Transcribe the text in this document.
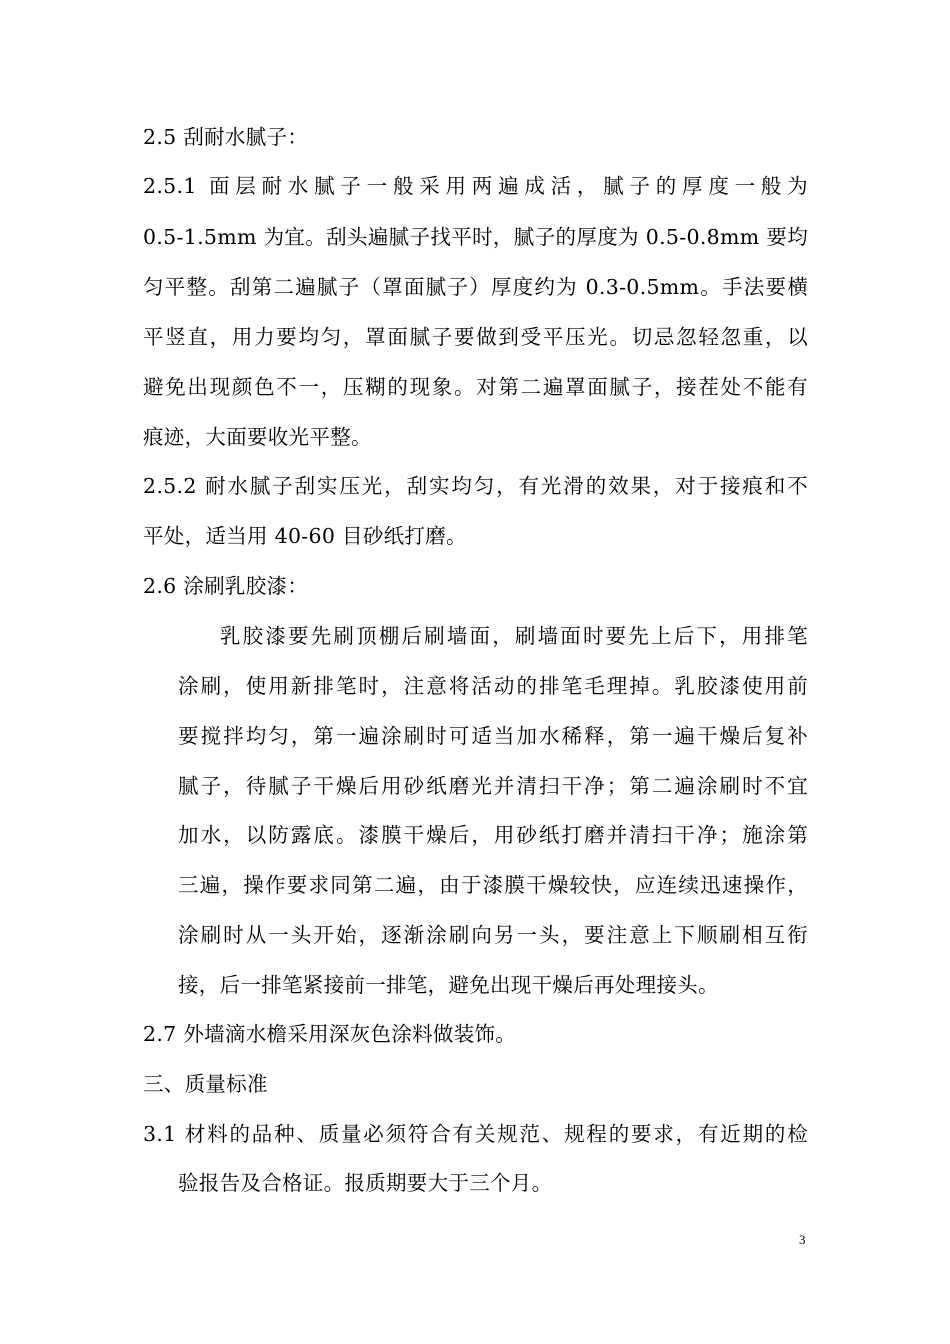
2.5 刮耐水腻子：
2.5.1 面层耐水腻子一般采用两遍成活，腻子的厚度一般为
0.5-1.5mm 为宜。刮头遍腻子找平时，腻子的厚度为 0.5-0.8mm 要均
匀平整。刮第二遍腻子（罩面腻子）厚度约为 0.3-0.5mm。手法要横
平竖直，用力要均匀，罩面腻子要做到受平压光。切忌忽轻忽重，以
避免出现颜色不一，压糊的现象。对第二遍罩面腻子，接茬处不能有
痕迹，大面要收光平整。
2.5.2 耐水腻子刮实压光，刮实均匀，有光滑的效果，对于接痕和不
平处，适当用 40-60 目砂纸打磨。
2.6 涂刷乳胶漆：
乳胶漆要先刷顶棚后刷墙面，刷墙面时要先上后下，用排笔
涂刷，使用新排笔时，注意将活动的排笔毛理掉。乳胶漆使用前
要搅拌均匀，第一遍涂刷时可适当加水稀释，第一遍干燥后复补
腻子，待腻子干燥后用砂纸磨光并清扫干净；第二遍涂刷时不宜
加水，以防露底。漆膜干燥后，用砂纸打磨并清扫干净；施涂第
三遍，操作要求同第二遍，由于漆膜干燥较快，应连续迅速操作，
涂刷时从一头开始，逐渐涂刷向另一头，要注意上下顺刷相互衔
接，后一排笔紧接前一排笔，避免出现干燥后再处理接头。
2.7 外墙滴水檐采用深灰色涂料做装饰。
三、质量标准
3.1 材料的品种、质量必须符合有关规范、规程的要求，有近期的检
验报告及合格证。报质期要大于三个月。
3
